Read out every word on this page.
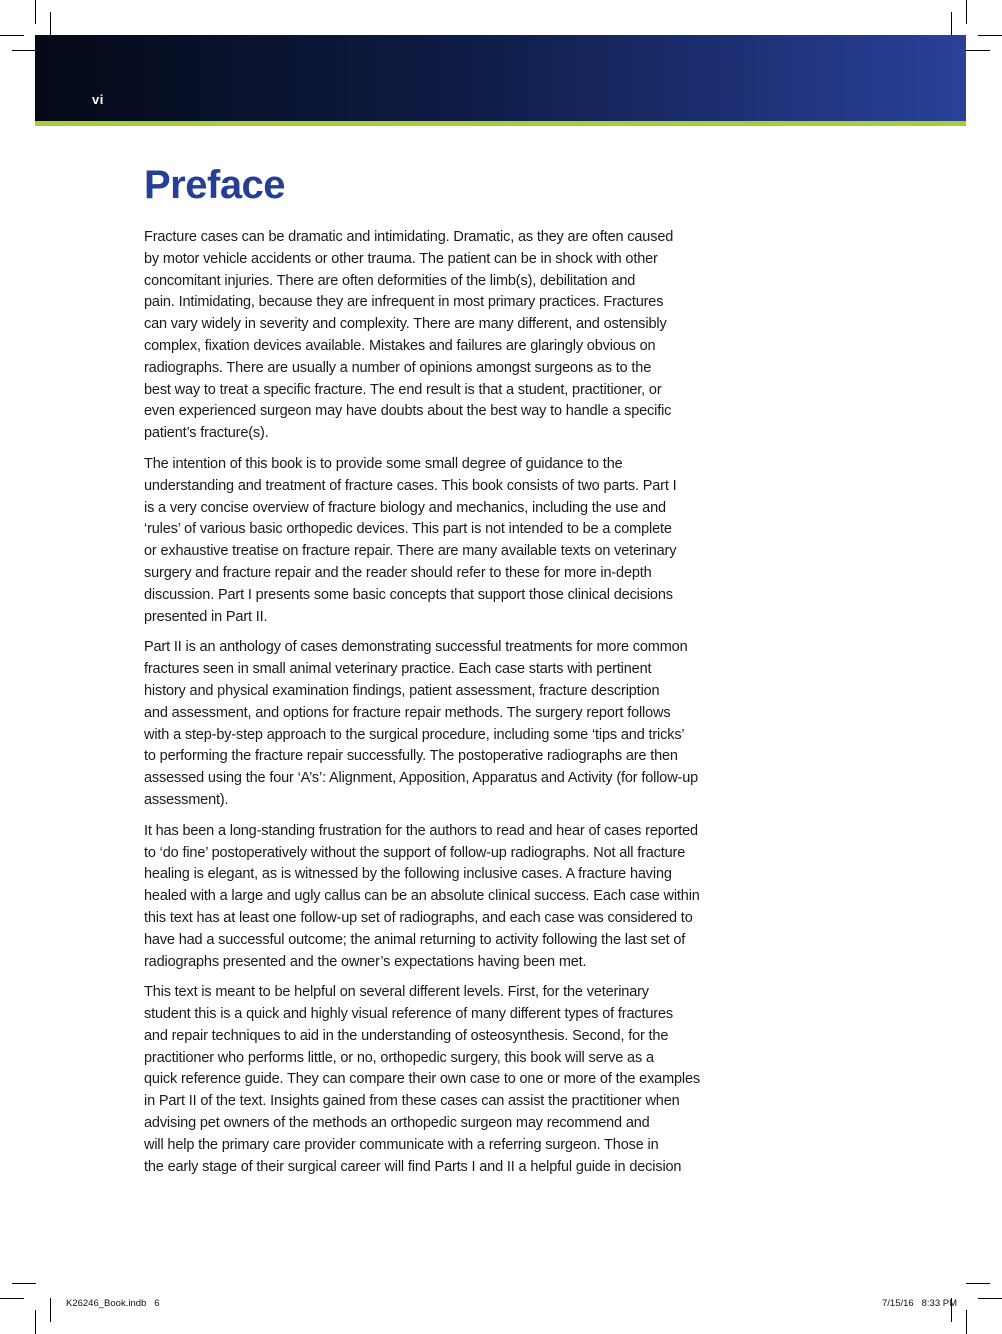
vi
Preface
Fracture cases can be dramatic and intimidating. Dramatic, as they are often caused
by motor vehicle accidents or other trauma. The patient can be in shock with other
concomitant injuries. There are often deformities of the limb(s), debilitation and
pain. Intimidating, because they are infrequent in most primary practices. Fractures
can vary widely in severity and complexity. There are many different, and ostensibly
complex, fixation devices available. Mistakes and failures are glaringly obvious on
radiographs. There are usually a number of opinions amongst surgeons as to the
best way to treat a specific fracture. The end result is that a student, practitioner, or
even experienced surgeon may have doubts about the best way to handle a specific
patient’s fracture(s).
The intention of this book is to provide some small degree of guidance to the
understanding and treatment of fracture cases. This book consists of two parts. Part I
is a very concise overview of fracture biology and mechanics, including the use and
‘rules’ of various basic orthopedic devices. This part is not intended to be a complete
or exhaustive treatise on fracture repair. There are many available texts on veterinary
surgery and fracture repair and the reader should refer to these for more in-depth
discussion. Part I presents some basic concepts that support those clinical decisions
presented in Part II.
Part II is an anthology of cases demonstrating successful treatments for more common
fractures seen in small animal veterinary practice. Each case starts with pertinent
history and physical examination findings, patient assessment, fracture description
and assessment, and options for fracture repair methods. The surgery report follows
with a step-by-step approach to the surgical procedure, including some ‘tips and tricks’
to performing the fracture repair successfully. The postoperative radiographs are then
assessed using the four ‘A’s’: Alignment, Apposition, Apparatus and Activity (for follow-up
assessment).
It has been a long-standing frustration for the authors to read and hear of cases reported
to ‘do fine’ postoperatively without the support of follow-up radiographs. Not all fracture
healing is elegant, as is witnessed by the following inclusive cases. A fracture having
healed with a large and ugly callus can be an absolute clinical success. Each case within
this text has at least one follow-up set of radiographs, and each case was considered to
have had a successful outcome; the animal returning to activity following the last set of
radiographs presented and the owner’s expectations having been met.
This text is meant to be helpful on several different levels. First, for the veterinary
student this is a quick and highly visual reference of many different types of fractures
and repair techniques to aid in the understanding of osteosynthesis. Second, for the
practitioner who performs little, or no, orthopedic surgery, this book will serve as a
quick reference guide. They can compare their own case to one or more of the examples
in Part II of the text. Insights gained from these cases can assist the practitioner when
advising pet owners of the methods an orthopedic surgeon may recommend and
will help the primary care provider communicate with a referring surgeon. Those in
the early stage of their surgical career will find Parts I and II a helpful guide in decision
K26246_Book.indb   6	7/15/16   8:33 PM
